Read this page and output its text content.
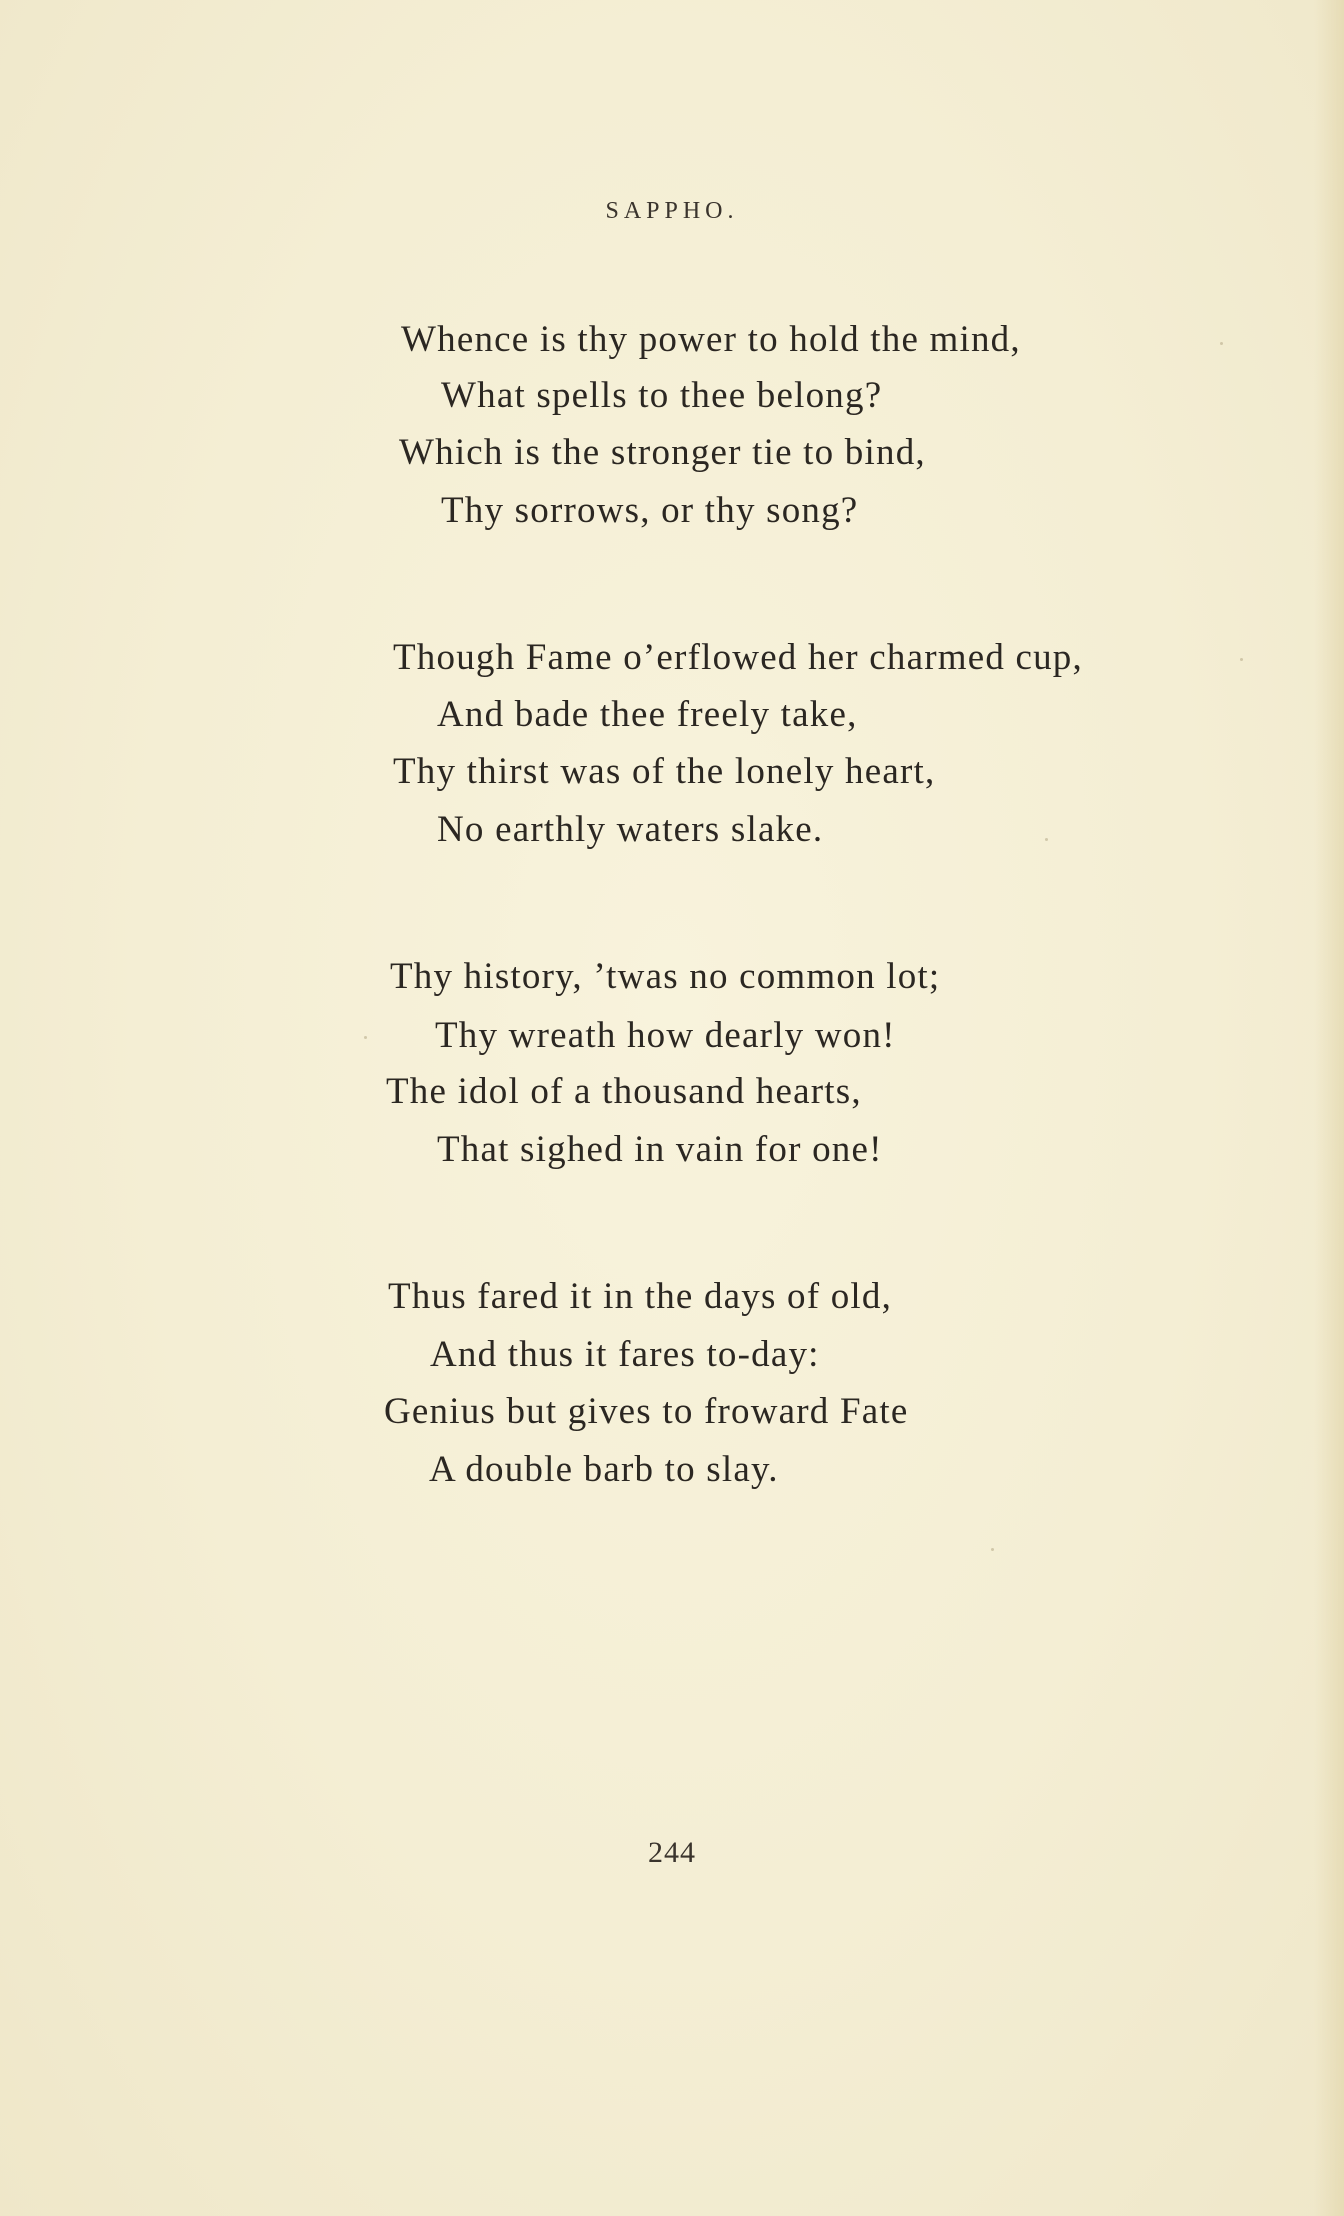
SAPPHO.
Whence is thy power to hold the mind,
What spells to thee belong?
Which is the stronger tie to bind,
Thy sorrows, or thy song?
Though Fame o’erflowed her charmed cup,
And bade thee freely take,
Thy thirst was of the lonely heart,
No earthly waters slake.
Thy history, ’twas no common lot;
Thy wreath how dearly won!
The idol of a thousand hearts,
That sighed in vain for one!
Thus fared it in the days of old,
And thus it fares to-day:
Genius but gives to froward Fate
A double barb to slay.
244
